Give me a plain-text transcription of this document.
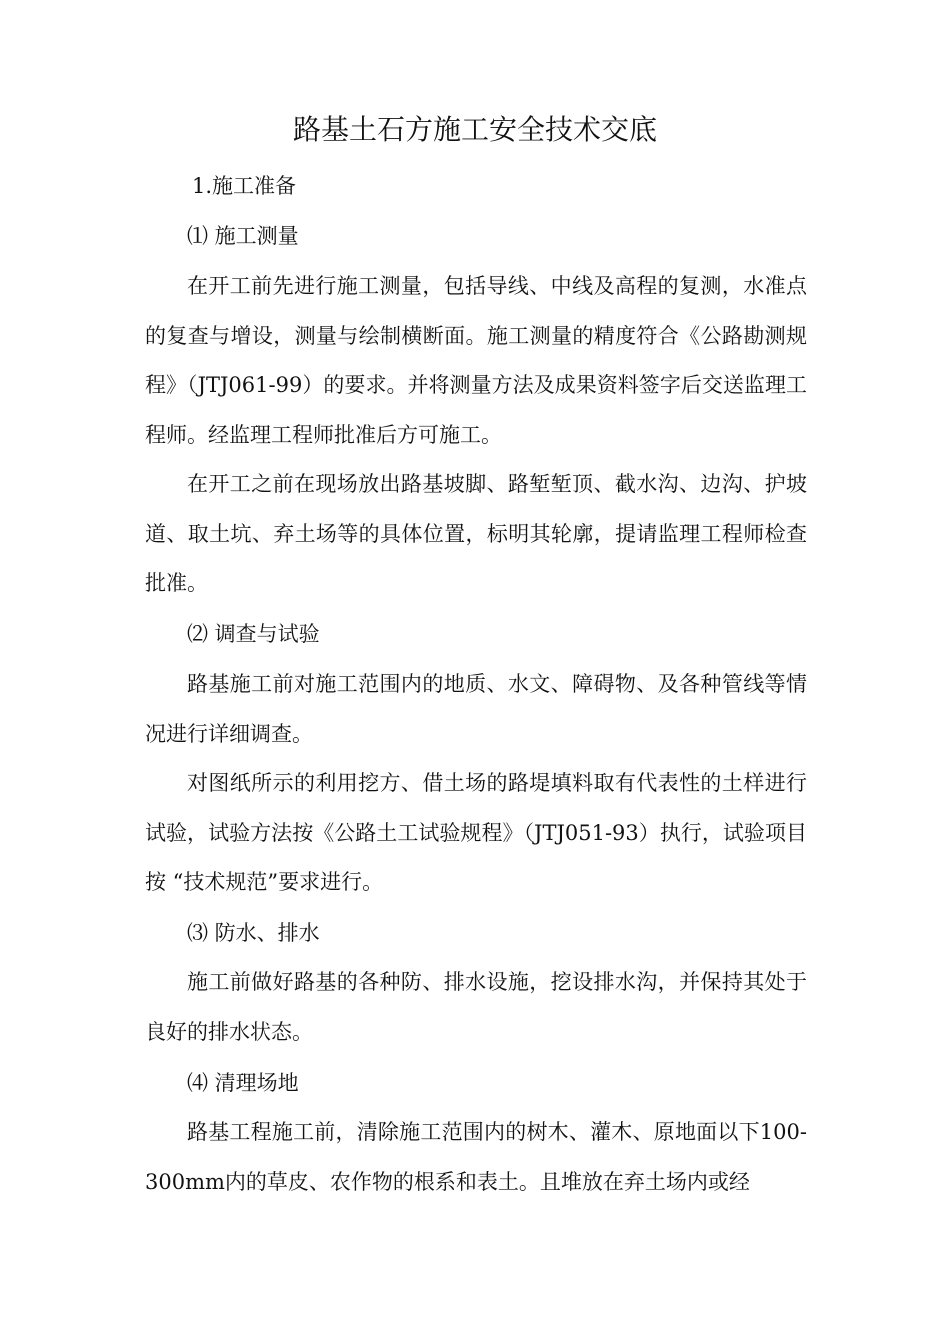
路基土石方施工安全技术交底
1.施工准备
⑴ 施工测量
在开工前先进行施工测量，包括导线、中线及高程的复测，水准点的复查与增设，测量与绘制横断面。施工测量的精度符合《公路勘测规程》（JTJ061-99）的要求。并将测量方法及成果资料签字后交送监理工程师。经监理工程师批准后方可施工。
在开工之前在现场放出路基坡脚、路堑堑顶、截水沟、边沟、护坡道、取土坑、弃土场等的具体位置，标明其轮廓，提请监理工程师检查批准。
⑵ 调查与试验
路基施工前对施工范围内的地质、水文、障碍物、及各种管线等情况进行详细调查。
对图纸所示的利用挖方、借土场的路堤填料取有代表性的土样进行试验，试验方法按《公路土工试验规程》（JTJ051-93）执行，试验项目按 “技术规范”要求进行。
⑶ 防水、排水
施工前做好路基的各种防、排水设施，挖设排水沟，并保持其处于良好的排水状态。
⑷ 清理场地
路基工程施工前，清除施工范围内的树木、灌木、原地面以下100-300mm内的草皮、农作物的根系和表土。且堆放在弃土场内或经
